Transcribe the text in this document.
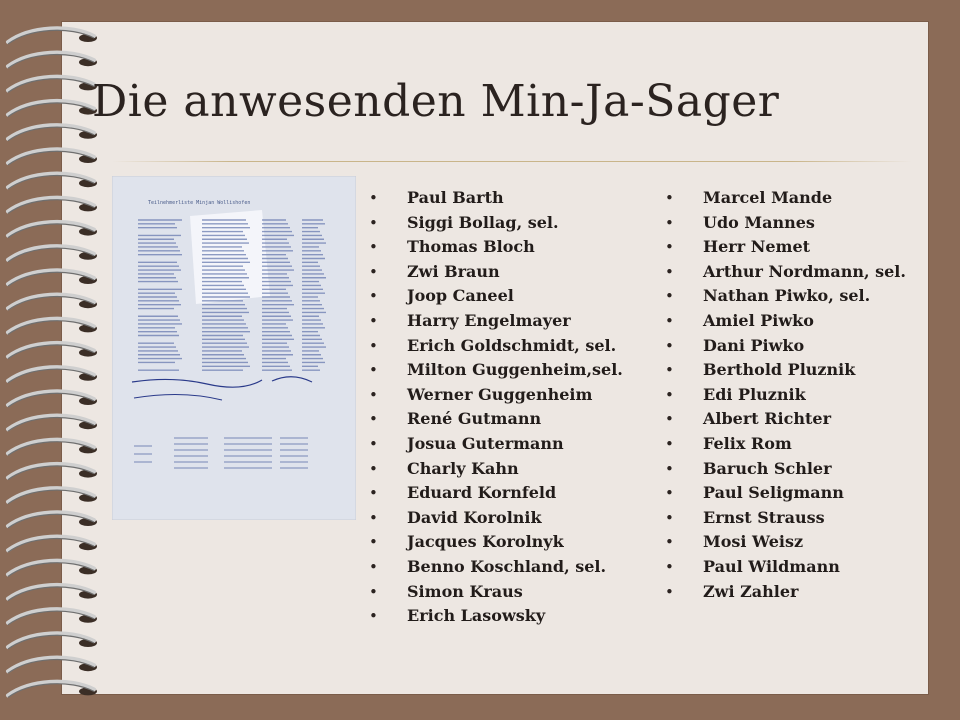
Die anwesenden Min-Ja-Sager
Teilnehmerliste Minjan Wollishofen
•	Paul Barth
• Siggi Bollag, sel.
• Thomas Bloch
• Zwi Braun
• Joop Caneel
• Harry Engelmayer
• Erich Goldschmidt, sel.
• Milton Guggenheim,sel.
• Werner Guggenheim
• René Gutmann
• Josua Gutermann
• Charly Kahn
• Eduard Kornfeld
• David Korolnik
• Jacques Korolnyk
• Benno Koschland, sel.
• Simon Kraus
• Erich Lasowsky
• Marcel Mande
• Udo Mannes
• Herr Nemet
• Arthur Nordmann, sel.
• Nathan Piwko, sel.
• Amiel Piwko
• Dani Piwko
• Berthold Pluznik
• Edi Pluznik
• Albert Richter
• Felix Rom
• Baruch Schler
• Paul Seligmann
• Ernst Strauss
• Mosi Weisz
• Paul Wildmann
• Zwi Zahler
